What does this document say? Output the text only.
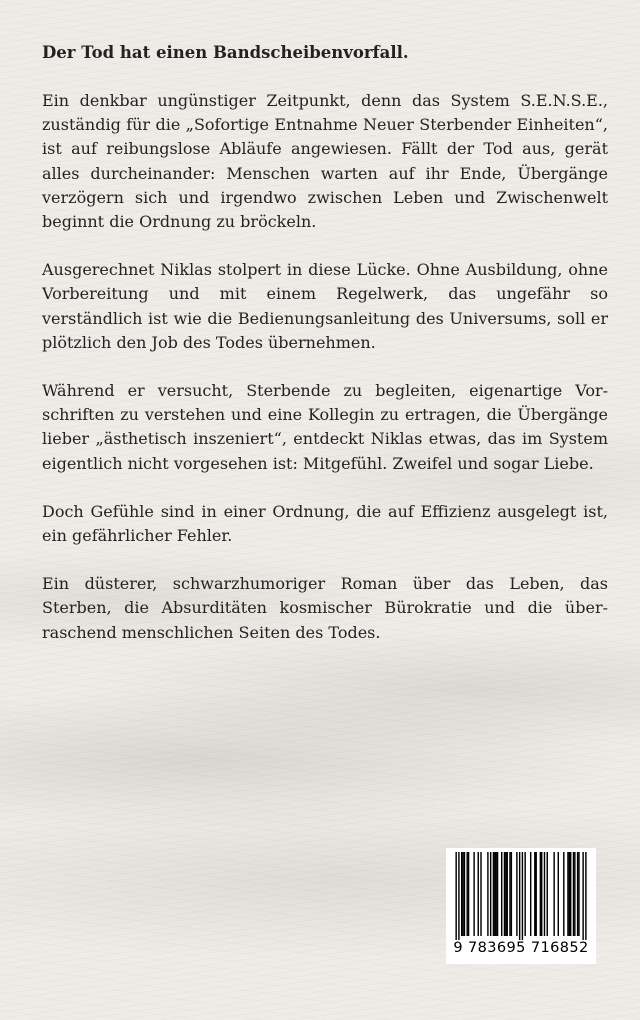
Der Tod hat einen Bandscheibenvorfall.

Ein denkbar ungünstiger Zeitpunkt, denn das System S.E.N.S.E., zuständig für die „Sofortige Entnahme Neuer Sterbender Einheiten“, ist auf reibungslose Abläufe angewiesen. Fällt der Tod aus, gerät alles durcheinander: Menschen warten auf ihr Ende, Übergänge verzögern sich und irgendwo zwischen Leben und Zwischenwelt beginnt die Ordnung zu bröckeln.

Ausgerechnet Niklas stolpert in diese Lücke. Ohne Ausbildung, ohne Vorbereitung und mit einem Regelwerk, das ungefähr so verständlich ist wie die Bedienungsanleitung des Universums, soll er plötzlich den Job des Todes übernehmen.

Während er versucht, Sterbende zu begleiten, eigenartige Vorschriften zu verstehen und eine Kollegin zu ertragen, die Übergänge lieber „ästhetisch inszeniert“, entdeckt Niklas etwas, das im System eigentlich nicht vorgesehen ist: Mitgefühl. Zweifel und sogar Liebe.

Doch Gefühle sind in einer Ordnung, die auf Effizienz ausgelegt ist, ein gefährlicher Fehler.

Ein düsterer, schwarzhumoriger Roman über das Leben, das Sterben, die Absurditäten kosmischer Bürokratie und die überraschend menschlichen Seiten des Todes.

9 783695 716852
